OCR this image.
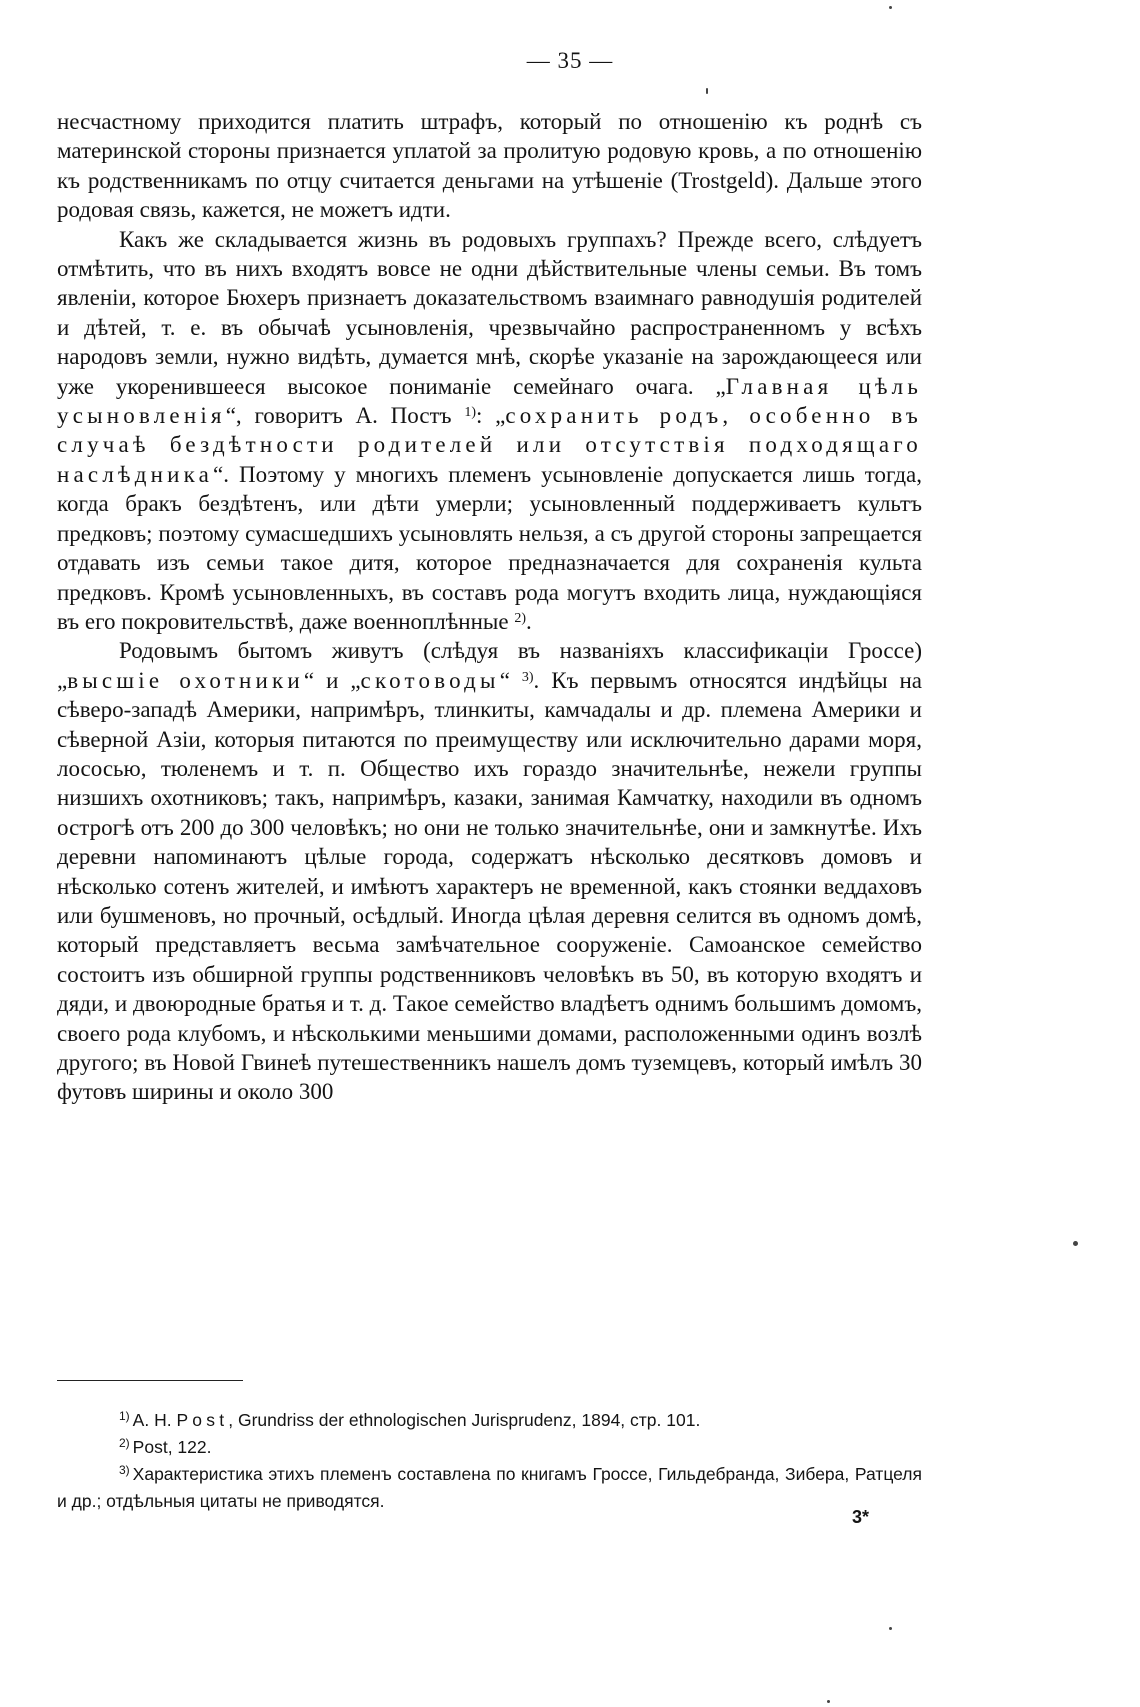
— 35 —

несчастному приходится платить штрафъ, который по отношенію къ роднѣ съ материнской стороны признается уплатой за пролитую родовую кровь, а по отношенію къ родственникамъ по отцу считается деньгами на утѣшеніе (Trostgeld). Дальше этого родовая связь, кажется, не можетъ идти.

Какъ же складывается жизнь въ родовыхъ группахъ? Прежде всего, слѣдуетъ отмѣтить, что въ нихъ входятъ вовсе не одни дѣйствительные члены семьи. Въ томъ явленіи, которое Бюхеръ признаетъ доказательствомъ взаимнаго равнодушія родителей и дѣтей, т. е. въ обычаѣ усыновленія, чрезвычайно распространенномъ у всѣхъ народовъ земли, нужно видѣть, думается мнѣ, скорѣе указаніе на зарождающееся или уже укоренившееся высокое пониманіе семейнаго очага. „Главная цѣль усыновленія“, говоритъ А. Постъ $^{1)}$: „сохранить родъ, особенно въ случаѣ бездѣтности родителей или отсутствія подходящаго наслѣдника“. Поэтому у многихъ племенъ усыновленіе допускается лишь тогда, когда бракъ бездѣтенъ, или дѣти умерли; усыновленный поддерживаетъ культъ предковъ; поэтому сумасшедшихъ усыновлять нельзя, а съ другой стороны запрещается отдавать изъ семьи такое дитя, которое предназначается для сохраненія культа предковъ. Кромѣ усыновленныхъ, въ составъ рода могутъ входить лица, нуждающіяся въ его покровительствѣ, даже военноплѣнные $^{2)}$.

Родовымъ бытомъ живутъ (слѣдуя въ названіяхъ классификаціи Гроссе) „высшіе охотники“ и „скотоводы“ $^{3)}$. Къ первымъ относятся индѣйцы на сѣверо-западѣ Америки, напримѣръ, тлинкиты, камчадалы и др. племена Америки и сѣверной Азіи, которыя питаются по преимуществу или исключительно дарами моря, лососью, тюленемъ и т. п. Общество ихъ гораздо значительнѣе, нежели группы низшихъ охотниковъ; такъ, напримѣръ, казаки, занимая Камчатку, находили въ одномъ острогѣ отъ 200 до 300 человѣкъ; но они не только значительнѣе, они и замкнутѣе. Ихъ деревни напоминаютъ цѣлые города, содержатъ нѣсколько десятковъ домовъ и нѣсколько сотенъ жителей, и имѣютъ характеръ не временной, какъ стоянки веддаховъ или бушменовъ, но прочный, осѣдлый. Иногда цѣлая деревня селится въ одномъ домѣ, который представляетъ весьма замѣчательное сооруженіе. Самоанское семейство состоитъ изъ обширной группы родственниковъ человѣкъ въ 50, въ которую входятъ и дяди, и двоюродные братья и т. д. Такое семейство владѣетъ однимъ большимъ домомъ, своего рода клубомъ, и нѣсколькими меньшими домами, расположенными одинъ возлѣ другого; въ Новой Гвинеѣ путешественникъ нашелъ домъ туземцевъ, который имѣлъ 30 футовъ ширины и около 300

$^{1)}$ А. Н. Post, Grundriss der ethnologischen Jurisprudenz, 1894, стр. 101.

$^{2)}$ Post, 122.

$^{3)}$ Характеристика этихъ племенъ составлена по книгамъ Гроссе, Гильдебранда, Зибера, Ратцеля и др.; отдѣльныя цитаты не приводятся.

3*
